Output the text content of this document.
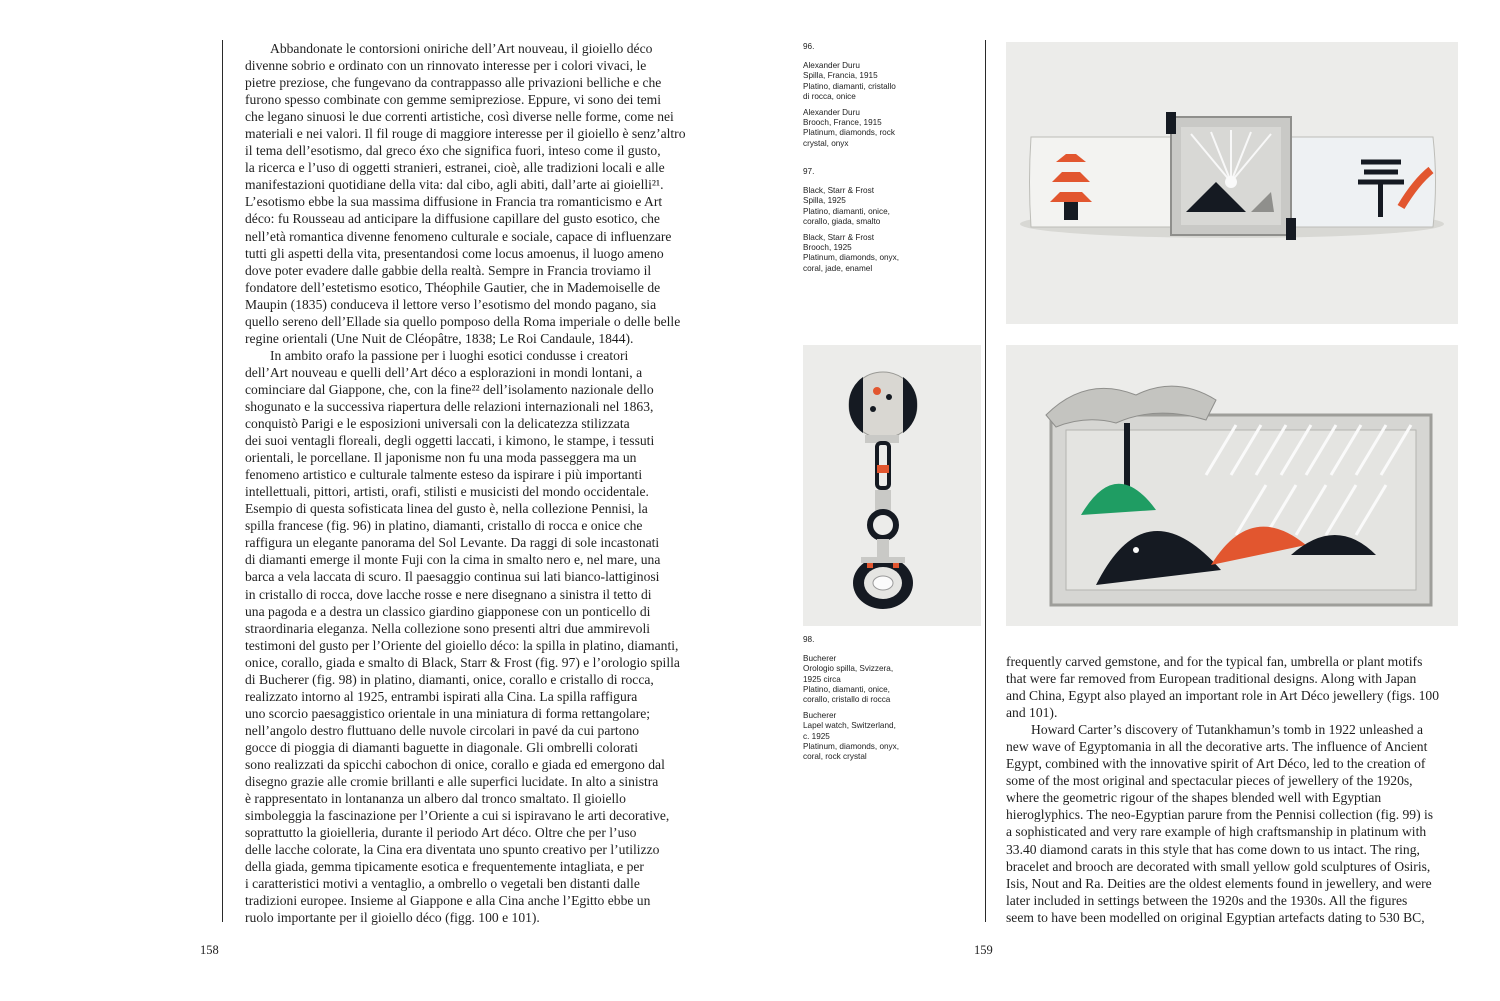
Abbandonate le contorsioni oniriche dell’Art nouveau, il gioiello déco
divenne sobrio e ordinato con un rinnovato interesse per i colori vivaci, le
pietre preziose, che fungevano da contrappasso alle privazioni belliche e che
furono spesso combinate con gemme semipreziose. Eppure, vi sono dei temi
che legano sinuosi le due correnti artistiche, così diverse nelle forme, come nei
materiali e nei valori. Il fil rouge di maggiore interesse per il gioiello è senz’altro
il tema dell’esotismo, dal greco éxo che significa fuori, inteso come il gusto,
la ricerca e l’uso di oggetti stranieri, estranei, cioè, alle tradizioni locali e alle
manifestazioni quotidiane della vita: dal cibo, agli abiti, dall’arte ai gioielli²¹.
L’esotismo ebbe la sua massima diffusione in Francia tra romanticismo e Art
déco: fu Rousseau ad anticipare la diffusione capillare del gusto esotico, che
nell’età romantica divenne fenomeno culturale e sociale, capace di influenzare
tutti gli aspetti della vita, presentandosi come locus amoenus, il luogo ameno
dove poter evadere dalle gabbie della realtà. Sempre in Francia troviamo il
fondatore dell’estetismo esotico, Théophile Gautier, che in Mademoiselle de
Maupin (1835) conduceva il lettore verso l’esotismo del mondo pagano, sia
quello sereno dell’Ellade sia quello pomposo della Roma imperiale o delle belle
regine orientali (Une Nuit de Cléopâtre, 1838; Le Roi Candaule, 1844).

In ambito orafo la passione per i luoghi esotici condusse i creatori
dell’Art nouveau e quelli dell’Art déco a esplorazioni in mondi lontani, a
cominciare dal Giappone, che, con la fine²² dell’isolamento nazionale dello
shogunato e la successiva riapertura delle relazioni internazionali nel 1863,
conquistò Parigi e le esposizioni universali con la delicatezza stilizzata
dei suoi ventagli floreali, degli oggetti laccati, i kimono, le stampe, i tessuti
orientali, le porcellane. Il japonisme non fu una moda passeggera ma un
fenomeno artistico e culturale talmente esteso da ispirare i più importanti
intellettuali, pittori, artisti, orafi, stilisti e musicisti del mondo occidentale.
Esempio di questa sofisticata linea del gusto è, nella collezione Pennisi, la
spilla francese (fig. 96) in platino, diamanti, cristallo di rocca e onice che
raffigura un elegante panorama del Sol Levante. Da raggi di sole incastonati
di diamanti emerge il monte Fuji con la cima in smalto nero e, nel mare, una
barca a vela laccata di scuro. Il paesaggio continua sui lati bianco-lattiginosi
in cristallo di rocca, dove lacche rosse e nere disegnano a sinistra il tetto di
una pagoda e a destra un classico giardino giapponese con un ponticello di
straordinaria eleganza. Nella collezione sono presenti altri due ammirevoli
testimoni del gusto per l’Oriente del gioiello déco: la spilla in platino, diamanti,
onice, corallo, giada e smalto di Black, Starr & Frost (fig. 97) e l’orologio spilla
di Bucherer (fig. 98) in platino, diamanti, onice, corallo e cristallo di rocca,
realizzato intorno al 1925, entrambi ispirati alla Cina. La spilla raffigura
uno scorcio paesaggistico orientale in una miniatura di forma rettangolare;
nell’angolo destro fluttuano delle nuvole circolari in pavé da cui partono
gocce di pioggia di diamanti baguette in diagonale. Gli ombrelli colorati
sono realizzati da spicchi cabochon di onice, corallo e giada ed emergono dal
disegno grazie alle cromie brillanti e alle superfici lucidate. In alto a sinistra
è rappresentato in lontananza un albero dal tronco smaltato. Il gioiello
simboleggia la fascinazione per l’Oriente a cui si ispiravano le arti decorative,
soprattutto la gioielleria, durante il periodo Art déco. Oltre che per l’uso
delle lacche colorate, la Cina era diventata uno spunto creativo per l’utilizzo
della giada, gemma tipicamente esotica e frequentemente intagliata, e per
i caratteristici motivi a ventaglio, a ombrello o vegetali ben distanti dalle
tradizioni europee. Insieme al Giappone e alla Cina anche l’Egitto ebbe un
ruolo importante per il gioiello déco (figg. 100 e 101).

158
96.
Alexander Duru
Spilla, Francia, 1915
Platino, diamanti, cristallo
di rocca, onice
Alexander Duru
Brooch, France, 1915
Platinum, diamonds, rock
crystal, onyx
97.
Black, Starr & Frost
Spilla, 1925
Platino, diamanti, onice,
corallo, giada, smalto
Black, Starr & Frost
Brooch, 1925
Platinum, diamonds, onyx,
coral, jade, enamel
98.
Bucherer
Orologio spilla, Svizzera,
1925 circa
Platino, diamanti, onice,
corallo, cristallo di rocca
Bucherer
Lapel watch, Switzerland,
c. 1925
Platinum, diamonds, onyx,
coral, rock crystal

frequently carved gemstone, and for the typical fan, umbrella or plant motifs
that were far removed from European traditional designs. Along with Japan
and China, Egypt also played an important role in Art Déco jewellery (figs. 100
and 101).

Howard Carter’s discovery of Tutankhamun’s tomb in 1922 unleashed a
new wave of Egyptomania in all the decorative arts. The influence of Ancient
Egypt, combined with the innovative spirit of Art Déco, led to the creation of
some of the most original and spectacular pieces of jewellery of the 1920s,
where the geometric rigour of the shapes blended well with Egyptian
hieroglyphics. The neo-Egyptian parure from the Pennisi collection (fig. 99) is
a sophisticated and very rare example of high craftsmanship in platinum with
33.40 diamond carats in this style that has come down to us intact. The ring,
bracelet and brooch are decorated with small yellow gold sculptures of Osiris,
Isis, Nout and Ra. Deities are the oldest elements found in jewellery, and were
later included in settings between the 1920s and the 1930s. All the figures
seem to have been modelled on original Egyptian artefacts dating to 530 BC,

159
